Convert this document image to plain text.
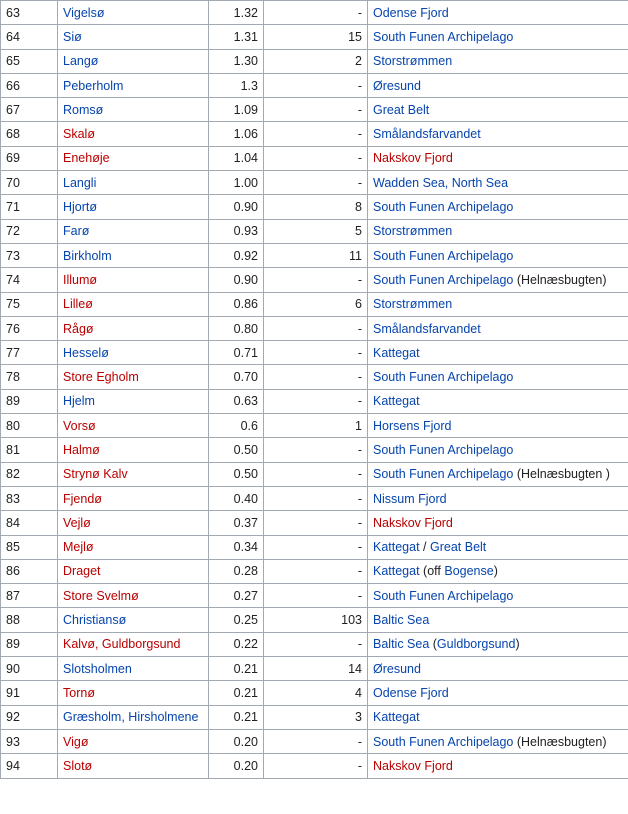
63	Vigelsø	1.32	-	Odense Fjord
64	Siø	1.31	15	South Funen Archipelago
65	Langø	1.30	2	Storstrømmen
66	Peberholm	1.3	-	Øresund
67	Romsø	1.09	-	Great Belt
68	Skalø	1.06	-	Smålandsfarvandet
69	Enehøje	1.04	-	Nakskov Fjord
70	Langli	1.00	-	Wadden Sea, North Sea
71	Hjortø	0.90	8	South Funen Archipelago
72	Farø	0.93	5	Storstrømmen
73	Birkholm	0.92	11	South Funen Archipelago
74	Illumø	0.90	-	South Funen Archipelago (Helnæsbugten)
75	Lilleø	0.86	6	Storstrømmen
76	Rågø	0.80	-	Smålandsfarvandet
77	Hesselø	0.71	-	Kattegat
78	Store Egholm	0.70	-	South Funen Archipelago
89	Hjelm	0.63	-	Kattegat
80	Vorsø	0.6	1	Horsens Fjord
81	Halmø	0.50	-	South Funen Archipelago
82	Strynø Kalv	0.50	-	South Funen Archipelago (Helnæsbugten )
83	Fjendø	0.40	-	Nissum Fjord
84	Vejlø	0.37	-	Nakskov Fjord
85	Mejlø	0.34	-	Kattegat / Great Belt
86	Draget	0.28	-	Kattegat (off Bogense)
87	Store Svelmø	0.27	-	South Funen Archipelago
88	Christiansø	0.25	103	Baltic Sea
89	Kalvø, Guldborgsund	0.22	-	Baltic Sea (Guldborgsund)
90	Slotsholmen	0.21	14	Øresund
91	Tornø	0.21	4	Odense Fjord
92	Græsholm, Hirsholmene	0.21	3	Kattegat
93	Vigø	0.20	-	South Funen Archipelago (Helnæsbugten)
94	Slotø	0.20	-	Nakskov Fjord
